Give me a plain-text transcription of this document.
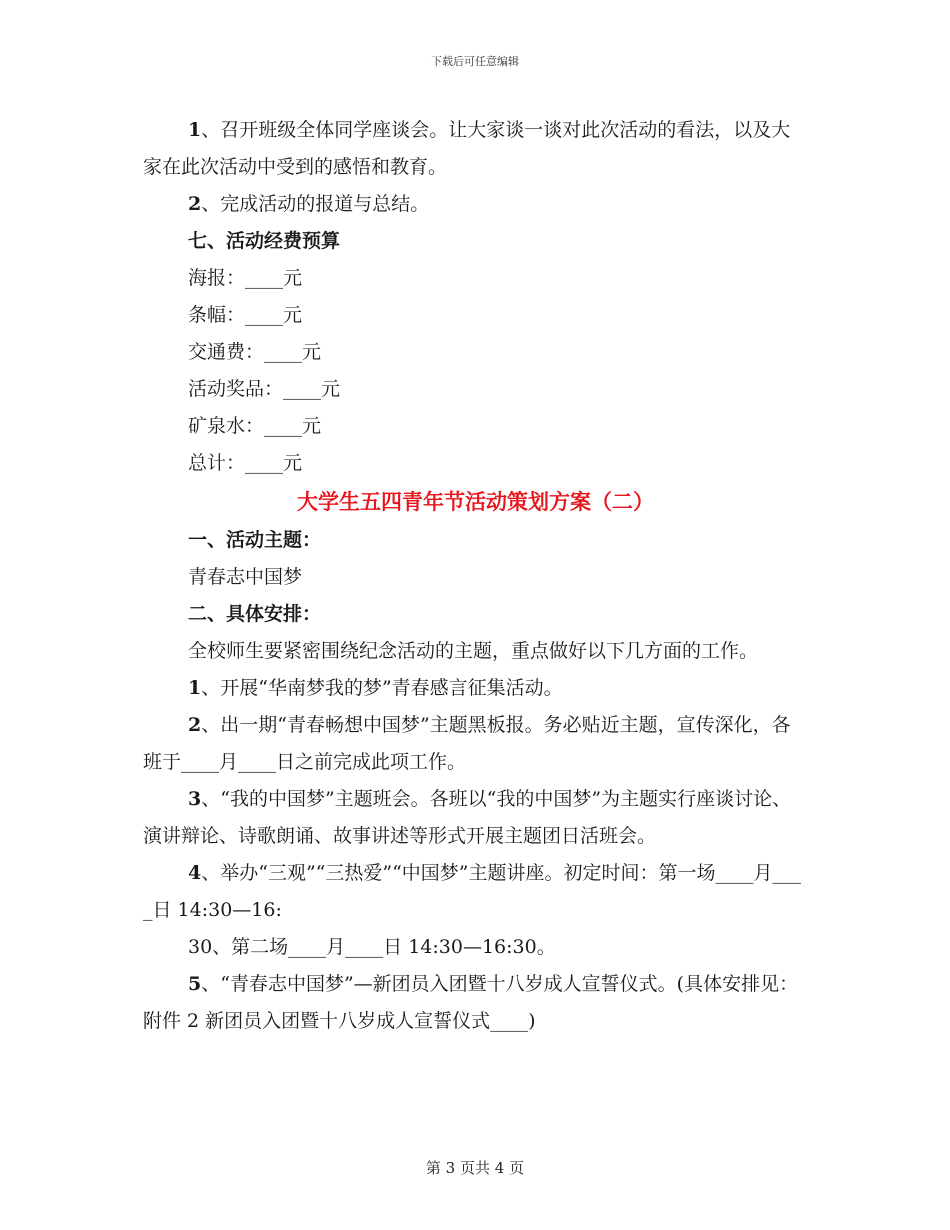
下载后可任意编辑

1、召开班级全体同学座谈会。让大家谈一谈对此次活动的看法，以及大家在此次活动中受到的感悟和教育。

2、完成活动的报道与总结。

七、活动经费预算

海报：____元

条幅：____元

交通费：____元

活动奖品：____元

矿泉水：____元

总计：____元

大学生五四青年节活动策划方案（二）

一、活动主题：

青春志中国梦

二、具体安排：

全校师生要紧密围绕纪念活动的主题，重点做好以下几方面的工作。

1、开展“华南梦我的梦”青春感言征集活动。

2、出一期“青春畅想中国梦”主题黑板报。务必贴近主题，宣传深化，各班于____月____日之前完成此项工作。

3、“我的中国梦”主题班会。各班以“我的中国梦”为主题实行座谈讨论、演讲辩论、诗歌朗诵、故事讲述等形式开展主题团日活班会。

4、举办“三观”“三热爱”“中国梦”主题讲座。初定时间：第一场____月____日 14:30—16:

30、第二场____月____日 14:30—16:30。

5、“青春志中国梦”—新团员入团暨十八岁成人宣誓仪式。(具体安排见：附件 2 新团员入团暨十八岁成人宣誓仪式____)

第 3 页共 4 页
